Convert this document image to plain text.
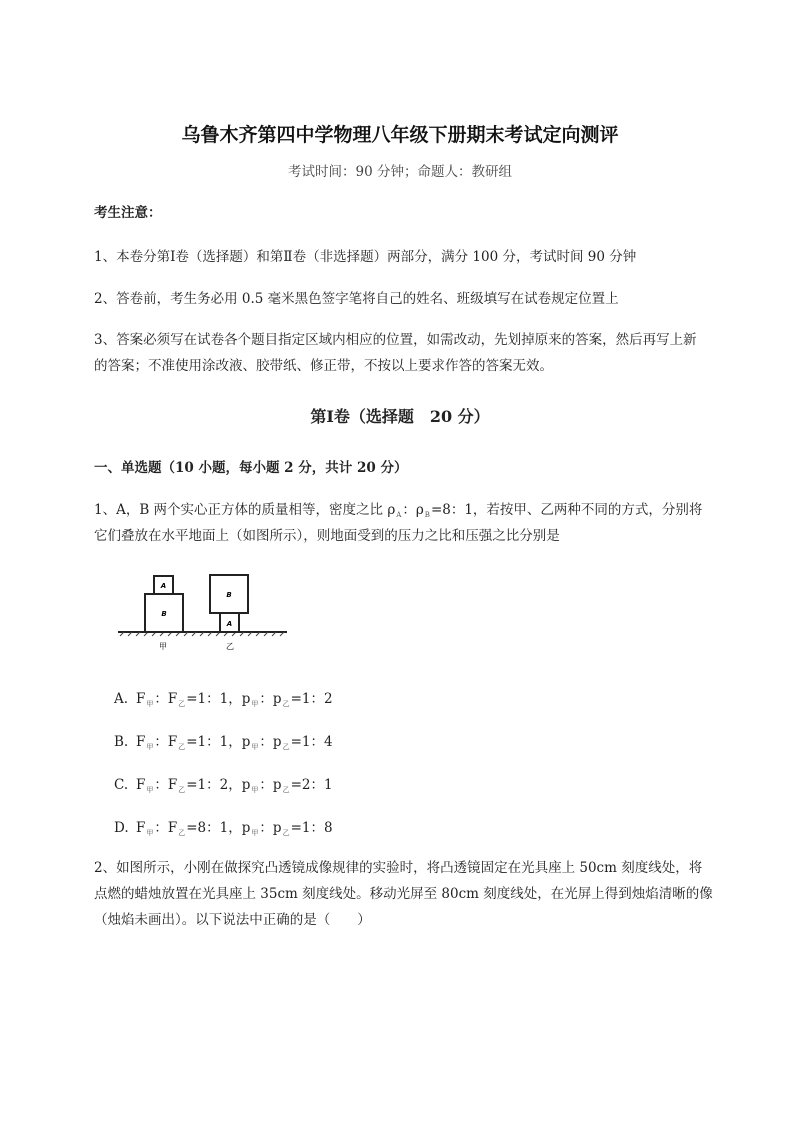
乌鲁木齐第四中学物理八年级下册期末考试定向测评
考试时间：90 分钟；命题人：教研组
考生注意：
1、本卷分第Ⅰ卷（选择题）和第Ⅱ卷（非选择题）两部分，满分 100 分，考试时间 90 分钟
2、答卷前，考生务必用 0.5 毫米黑色签字笔将自己的姓名、班级填写在试卷规定位置上
3、答案必须写在试卷各个题目指定区域内相应的位置，如需改动，先划掉原来的答案，然后再写上新
的答案；不准使用涂改液、胶带纸、修正带，不按以上要求作答的答案无效。
第Ⅰ卷（选择题　20 分）
一、单选题（10 小题，每小题 2 分，共计 20 分）
1、A，B 两个实心正方体的质量相等，密度之比 $\rho_A$：$\rho_B=8$：1，若按甲、乙两种不同的方式，分别将
它们叠放在水平地面上（如图所示），则地面受到的压力之比和压强之比分别是
B
A
B
A
甲	乙
A. $F_甲$：$F_乙=1$：1，$p_甲$：$p_乙=1$：2
B. $F_甲$：$F_乙=1$：1，$p_甲$：$p_乙=1$：4
C. $F_甲$：$F_乙=1$：2，$p_甲$：$p_乙=2$：1
D. $F_甲$：$F_乙=8$：1，$p_甲$：$p_乙=1$：8
2、如图所示，小刚在做探究凸透镜成像规律的实验时，将凸透镜固定在光具座上 50cm 刻度线处，将
点燃的蜡烛放置在光具座上 35cm 刻度线处。移动光屏至 80cm 刻度线处，在光屏上得到烛焰清晰的像
（烛焰未画出）。以下说法中正确的是（　　）
